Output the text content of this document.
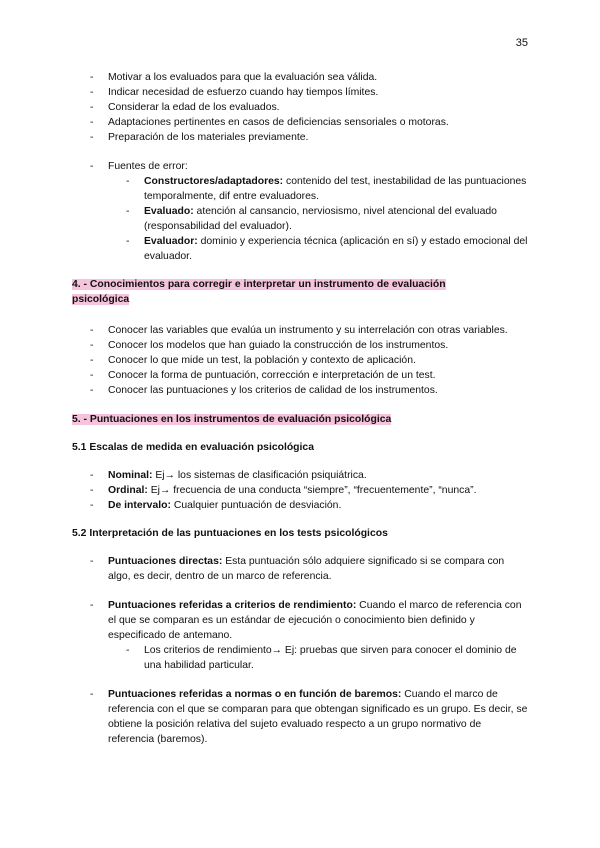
35
- Motivar a los evaluados para que la evaluación sea válida.
- Indicar necesidad de esfuerzo cuando hay tiempos límites.
- Considerar la edad de los evaluados.
- Adaptaciones pertinentes en casos de deficiencias sensoriales o motoras.
- Preparación de los materiales previamente.
- Fuentes de error:
- Constructores/adaptadores: contenido del test, inestabilidad de las puntuaciones temporalmente, dif entre evaluadores.
- Evaluado: atención al cansancio, nerviosismo, nivel atencional del evaluado (responsabilidad del evaluador).
- Evaluador: dominio y experiencia técnica (aplicación en sí) y estado emocional del evaluador.
4. - Conocimientos para corregir e interpretar un instrumento de evaluación
psicológica
- Conocer las variables que evalúa un instrumento y su interrelación con otras variables.
- Conocer los modelos que han guiado la construcción de los instrumentos.
- Conocer lo que mide un test, la población y contexto de aplicación.
- Conocer la forma de puntuación, corrección e interpretación de un test.
- Conocer las puntuaciones y los criterios de calidad de los instrumentos.
5. - Puntuaciones en los instrumentos de evaluación psicológica
5.1 Escalas de medida en evaluación psicológica
- Nominal: Ej→ los sistemas de clasificación psiquiátrica.
- Ordinal: Ej→ frecuencia de una conducta “siempre”, “frecuentemente”, “nunca”.
- De intervalo: Cualquier puntuación de desviación.
5.2 Interpretación de las puntuaciones en los tests psicológicos
- Puntuaciones directas: Esta puntuación sólo adquiere significado si se compara con algo, es decir, dentro de un marco de referencia.
- Puntuaciones referidas a criterios de rendimiento: Cuando el marco de referencia con el que se comparan es un estándar de ejecución o conocimiento bien definido y especificado de antemano.
- Los criterios de rendimiento→ Ej: pruebas que sirven para conocer el dominio de una habilidad particular.
- Puntuaciones referidas a normas o en función de baremos: Cuando el marco de referencia con el que se comparan para que obtengan significado es un grupo. Es decir, se obtiene la posición relativa del sujeto evaluado respecto a un grupo normativo de referencia (baremos).
